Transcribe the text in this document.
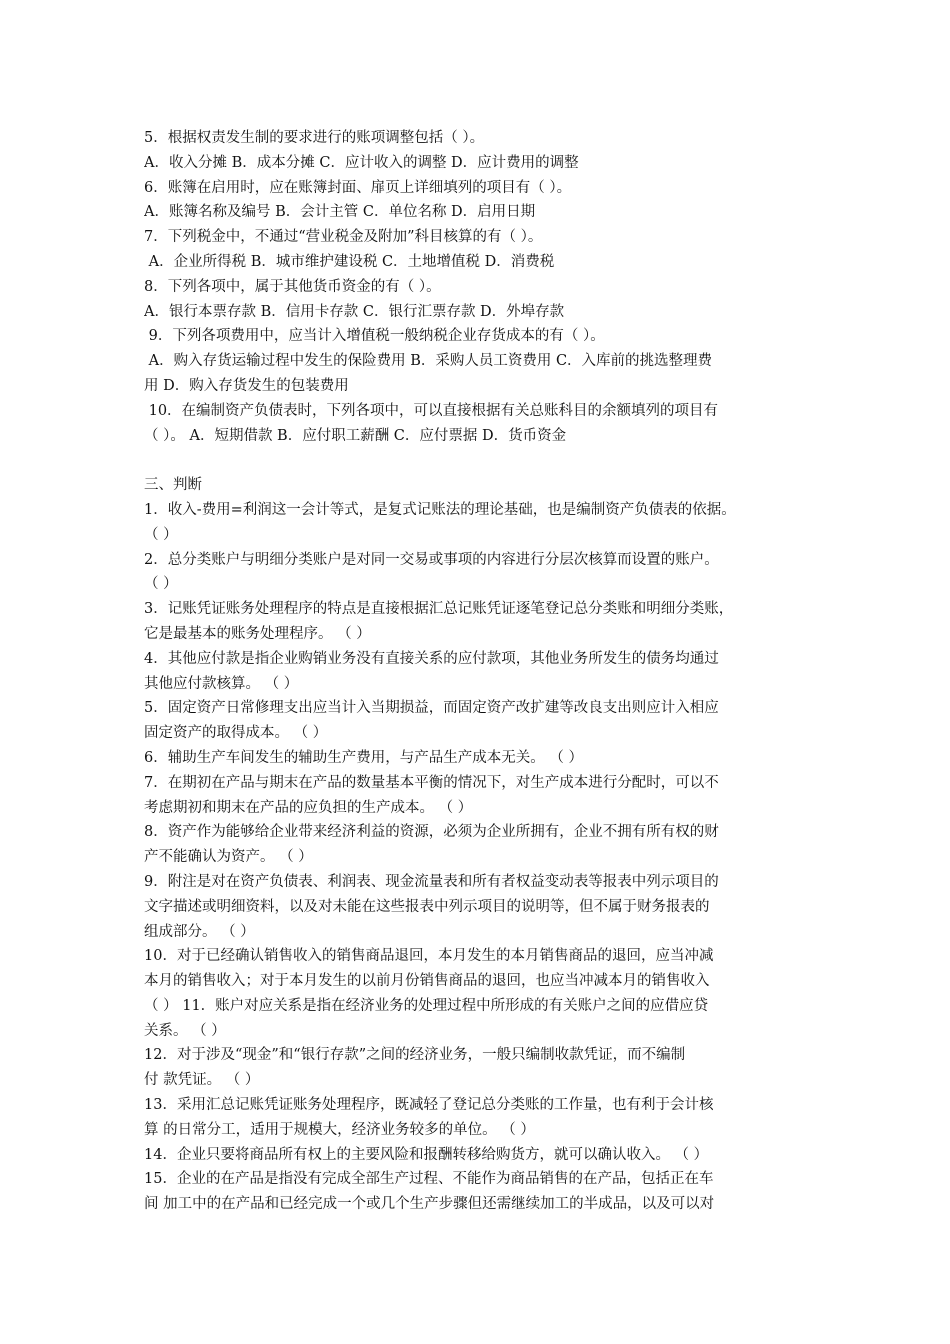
5．根据权责发生制的要求进行的账项调整包括（ ）。
A．收入分摊 B．成本分摊 C．应计收入的调整 D．应计费用的调整
6．账簿在启用时，应在账簿封面、扉页上详细填列的项目有（ ）。
A．账簿名称及编号 B．会计主管 C．单位名称 D．启用日期
7．下列税金中，不通过“营业税金及附加”科目核算的有（ ）。
A．企业所得税 B．城市维护建设税 C．土地增值税 D．消费税
8．下列各项中，属于其他货币资金的有（ ）。
A．银行本票存款 B．信用卡存款 C．银行汇票存款 D．外埠存款
9．下列各项费用中，应当计入增值税一般纳税企业存货成本的有（ ）。
A．购入存货运输过程中发生的保险费用 B．采购人员工资费用 C．入库前的挑选整理费
用 D．购入存货发生的包装费用
10．在编制资产负债表时，下列各项中，可以直接根据有关总账科目的余额填列的项目有
（ ）。 A．短期借款 B．应付职工薪酬 C．应付票据 D．货币资金
三、判断
1．收入-费用=利润这一会计等式，是复式记账法的理论基础，也是编制资产负债表的依据。
（ ）
2．总分类账户与明细分类账户是对同一交易或事项的内容进行分层次核算而设置的账户。
（ ）
3．记账凭证账务处理程序的特点是直接根据汇总记账凭证逐笔登记总分类账和明细分类账，
它是最基本的账务处理程序。 （ ）
4．其他应付款是指企业购销业务没有直接关系的应付款项，其他业务所发生的债务均通过
其他应付款核算。 （ ）
5．固定资产日常修理支出应当计入当期损益，而固定资产改扩建等改良支出则应计入相应
固定资产的取得成本。 （ ）
6．辅助生产车间发生的辅助生产费用，与产品生产成本无关。 （ ）
7．在期初在产品与期末在产品的数量基本平衡的情况下，对生产成本进行分配时，可以不
考虑期初和期末在产品的应负担的生产成本。 （ ）
8．资产作为能够给企业带来经济利益的资源，必须为企业所拥有，企业不拥有所有权的财
产不能确认为资产。 （ ）
9．附注是对在资产负债表、利润表、现金流量表和所有者权益变动表等报表中列示项目的
文字描述或明细资料，以及对未能在这些报表中列示项目的说明等，但不属于财务报表的
组成部分。 （ ）
10．对于已经确认销售收入的销售商品退回，本月发生的本月销售商品的退回，应当冲减
本月的销售收入；对于本月发生的以前月份销售商品的退回，也应当冲减本月的销售收入
（ ） 11．账户对应关系是指在经济业务的处理过程中所形成的有关账户之间的应借应贷
关系。 （ ）
12．对于涉及“现金”和“银行存款”之间的经济业务，一般只编制收款凭证，而不编制
付 款凭证。 （ ）
13．采用汇总记账凭证账务处理程序，既减轻了登记总分类账的工作量，也有利于会计核
算 的日常分工，适用于规模大，经济业务较多的单位。 （ ）
14．企业只要将商品所有权上的主要风险和报酬转移给购货方，就可以确认收入。 （ ）
15．企业的在产品是指没有完成全部生产过程、不能作为商品销售的在产品，包括正在车
间 加工中的在产品和已经完成一个或几个生产步骤但还需继续加工的半成品，以及可以对
